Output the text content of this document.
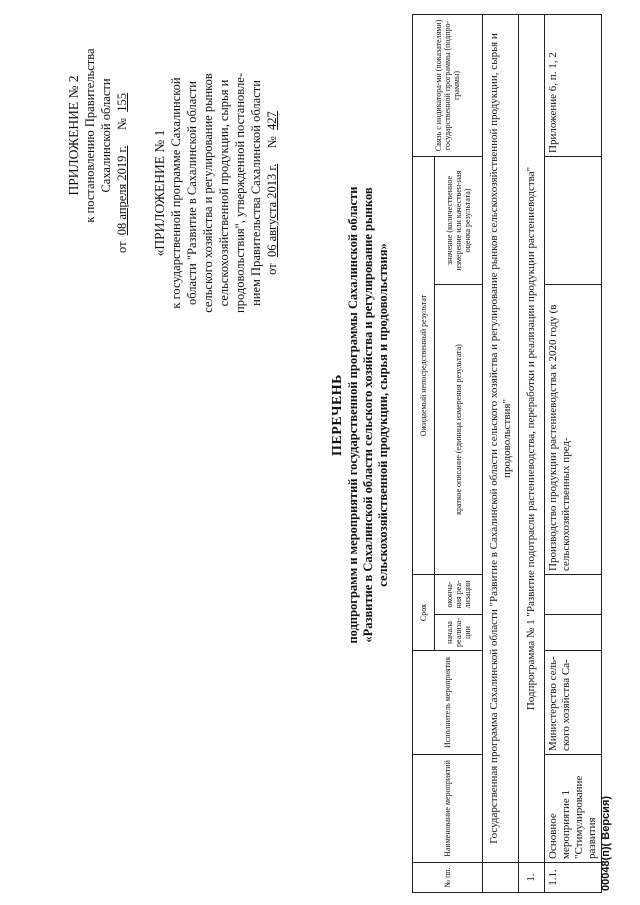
ПРИЛОЖЕНИЕ № 2 к постановлению Правительства Сахалинской области
от  08 апреля 2019 г.     №  155
«ПРИЛОЖЕНИЕ № 1 к государственной программе Сахалинской области "Развитие в Сахалинской области сельского хозяйства и регулирование рынков сельскохозяйственной продукции, сырья и продовольствия", утвержденной постановле- нием Правительства Сахалинской области от  06 августа 2013 г.     №  427
ПЕРЕЧЕНЬ подпрограмм и мероприятий государственной программы Сахалинской области «Развитие в Сахалинской области сельского хозяйства и регулирование рынков сельскохозяйственной продукции, сырья и продовольствия»
№ пп.	Наименование мероприятий	Исполнитель мероприятия	Срок		Ожидаемый непосредственный результат		Связь с индикатора-ми (показателями) государственной программы (подпро-граммы)
			начала реализа-ции	оконча-ния реа-лизации	краткое описание (единица измерения результата)	значение (количественное измерение или качествен-ная оценка результата)	
	Государственная программа Сахалинской области "Развитие в Сахалинской области сельского хозяйства и регулирование рынков сельскохозяйственной продукции, сырья и продовольствия"						
1.	Подпрограмма № 1 "Развитие подотрасли растениеводства, переработки и реализации продукции растениеводства"						
1.1.	Основное мероприятие 1 "Стимулирование развития	Министерство сель-ского хозяйства Са-			Производство продукции растениеводства к 2020 году (в сельскохозяйственных пред-		Приложение 6, п. 1, 2
00048(п)( Версия)
